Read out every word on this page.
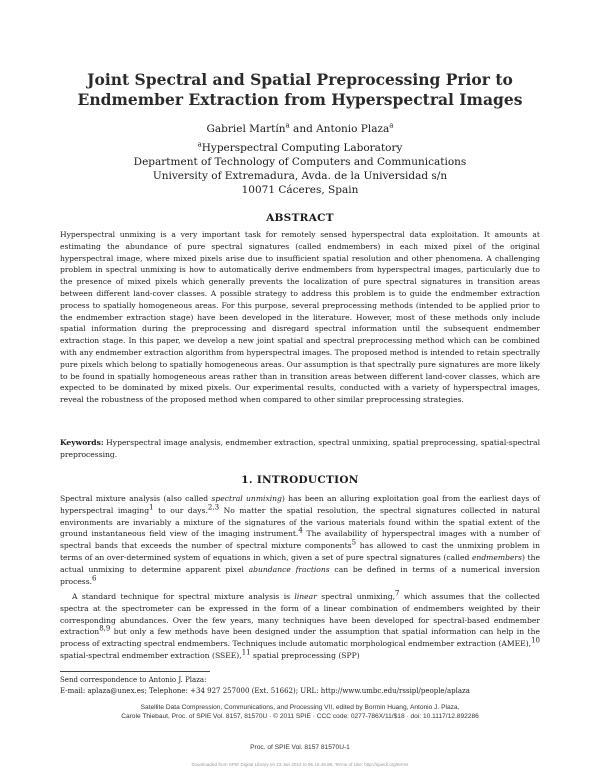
Joint Spectral and Spatial Preprocessing Prior to
Endmember Extraction from Hyperspectral Images
Gabriel Martín$^a$ and Antonio Plaza$^a$
$^a$Hyperspectral Computing Laboratory
Department of Technology of Computers and Communications
University of Extremadura, Avda. de la Universidad s/n
10071 Cáceres, Spain
ABSTRACT

Hyperspectral unmixing is a very important task for remotely sensed hyperspectral data exploitation. It amounts at estimating the abundance of pure spectral signatures (called endmembers) in each mixed pixel of the original hyperspectral image, where mixed pixels arise due to insufficient spatial resolution and other phenomena. A challenging problem in spectral unmixing is how to automatically derive endmembers from hyperspectral images, particularly due to the presence of mixed pixels which generally prevents the localization of pure spectral signatures in transition areas between different land-cover classes. A possible strategy to address this problem is to guide the endmember extraction process to spatially homogeneous areas. For this purpose, several preprocessing methods (intended to be applied prior to the endmember extraction stage) have been developed in the literature. However, most of these methods only include spatial information during the preprocessing and disregard spectral information until the subsequent endmember extraction stage. In this paper, we develop a new joint spatial and spectral preprocessing method which can be combined with any endmember extraction algorithm from hyperspectral images. The proposed method is intended to retain spectrally pure pixels which belong to spatially homogeneous areas. Our assumption is that spectrally pure signatures are more likely to be found in spatially homogeneous areas rather than in transition areas between different land-cover classes, which are expected to be dominated by mixed pixels. Our experimental results, conducted with a variety of hyperspectral images, reveal the robustness of the proposed method when compared to other similar preprocessing strategies.

Keywords: Hyperspectral image analysis, endmember extraction, spectral unmixing, spatial preprocessing, spatial-spectral preprocessing.

1. INTRODUCTION

Spectral mixture analysis (also called spectral unmixing) has been an alluring exploitation goal from the earliest days of hyperspectral imaging$^1$ to our days.$^{2,3}$ No matter the spatial resolution, the spectral signatures collected in natural environments are invariably a mixture of the signatures of the various materials found within the spatial extent of the ground instantaneous field view of the imaging instrument.$^4$ The availability of hyperspectral images with a number of spectral bands that exceeds the number of spectral mixture components$^5$ has allowed to cast the unmixing problem in terms of an over-determined system of equations in which, given a set of pure spectral signatures (called endmembers) the actual unmixing to determine apparent pixel abundance fractions can be defined in terms of a numerical inversion process.$^6$

A standard technique for spectral mixture analysis is linear spectral unmixing,$^7$ which assumes that the collected spectra at the spectrometer can be expressed in the form of a linear combination of endmembers weighted by their corresponding abundances. Over the few years, many techniques have been developed for spectral-based endmember extraction$^{8,9}$ but only a few methods have been designed under the assumption that spatial information can help in the process of extracting spectral endmembers. Techniques include automatic morphological endmember extraction (AMEE),$^{10}$ spatial-spectral endmember extraction (SSEE),$^{11}$ spatial preprocessing (SPP)

Send correspondence to Antonio J. Plaza:
E-mail: aplaza@unex.es; Telephone: +34 927 257000 (Ext. 51662); URL: http://www.umbc.edu/rssipl/people/aplaza
Satellite Data Compression, Communications, and Processing VII, edited by Bormin Huang, Antonio J. Plaza,
Carole Thiebaut, Proc. of SPIE Vol. 8157, 81570U · © 2011 SPIE · CCC code: 0277-786X/11/$18 · doi: 10.1117/12.892286
Proc. of SPIE Vol. 8157 81570U-1
Downloaded from SPIE Digital Library on 23 Jan 2012 to 95.16.48.86. Terms of Use: http://spiedl.org/terms
